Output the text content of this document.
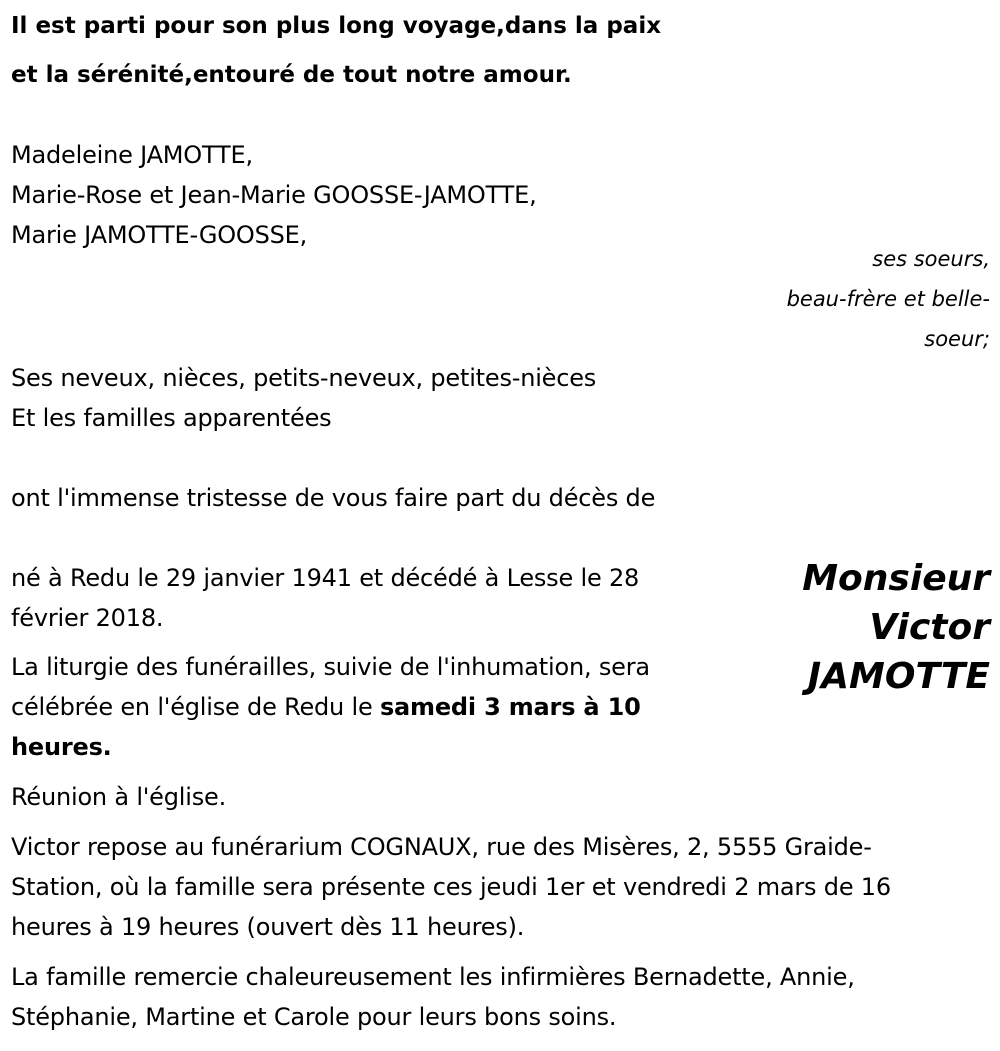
Il est parti pour son plus long voyage,dans la paix
et la sérénité,entouré de tout notre amour.
Madeleine JAMOTTE,
Marie-Rose et Jean-Marie GOOSSE-JAMOTTE,
Marie JAMOTTE-GOOSSE,
ses soeurs,
beau-frère et belle-
soeur;
Ses neveux, nièces, petits-neveux, petites-nièces
Et les familles apparentées
ont l'immense tristesse de vous faire part du décès de
Monsieur
Victor
JAMOTTE
né à Redu le 29 janvier 1941 et décédé à Lesse le 28
février 2018.
La liturgie des funérailles, suivie de l'inhumation, sera
célébrée en l'église de Redu le samedi 3 mars à 10
heures.
Réunion à l'église.
Victor repose au funérarium COGNAUX, rue des Misères, 2, 5555 Graide-
Station, où la famille sera présente ces jeudi 1er et vendredi 2 mars de 16
heures à 19 heures (ouvert dès 11 heures).
La famille remercie chaleureusement les infirmières Bernadette, Annie,
Stéphanie, Martine et Carole pour leurs bons soins.
